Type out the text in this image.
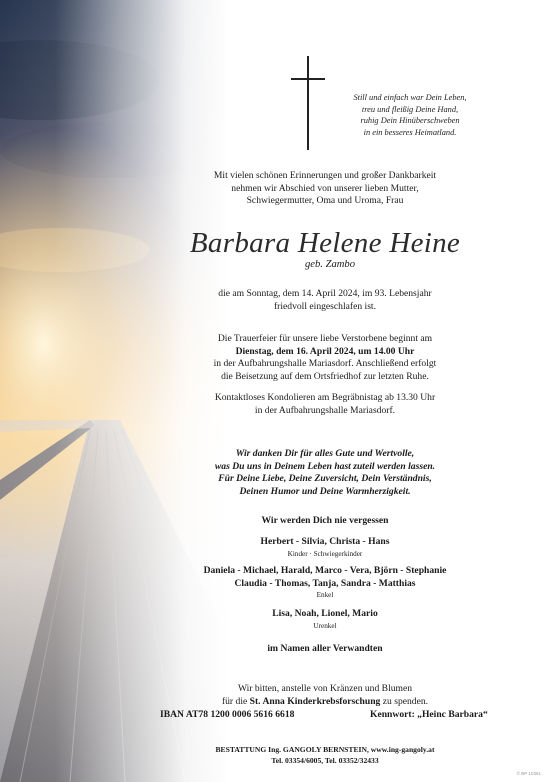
Still und einfach war Dein Leben,
treu und fleißig Deine Hand,
ruhig Dein Hinüberschweben
in ein besseres Heimatland.
Mit vielen schönen Erinnerungen und großer Dankbarkeit
nehmen wir Abschied von unserer lieben Mutter,
Schwiegermutter, Oma und Uroma, Frau
Barbara Helene Heine
geb. Zambo
die am Sonntag, dem 14. April 2024, im 93. Lebensjahr
friedvoll eingeschlafen ist.
Die Trauerfeier für unsere liebe Verstorbene beginnt am
Dienstag, dem 16. April 2024, um 14.00 Uhr
in der Aufbahrungshalle Mariasdorf. Anschließend erfolgt
die Beisetzung auf dem Ortsfriedhof zur letzten Ruhe.
Kontaktloses Kondolieren am Begräbnistag ab 13.30 Uhr
in der Aufbahrungshalle Mariasdorf.
Wir danken Dir für alles Gute und Wertvolle,
was Du uns in Deinem Leben hast zuteil werden lassen.
Für Deine Liebe, Deine Zuversicht, Dein Verständnis,
Deinen Humor und Deine Warmherzigkeit.
Wir werden Dich nie vergessen
Herbert - Silvia, Christa - Hans
Kinder · Schwiegerkinder
Daniela - Michael, Harald, Marco - Vera, Björn - Stephanie
Claudia - Thomas, Tanja, Sandra - Matthias
Enkel
Lisa, Noah, Lionel, Mario
Urenkel
im Namen aller Verwandten
Wir bitten, anstelle von Kränzen und Blumen
für die St. Anna Kinderkrebsforschung zu spenden.
IBAN AT78 1200 0006 5616 6618	Kennwort: „Heinc Barbara“
BESTATTUNG Ing. GANGOLY BERNSTEIN, www.ing-gangoly.at
Tel. 03354/6005, Tel. 03352/32433
© BP 10361
